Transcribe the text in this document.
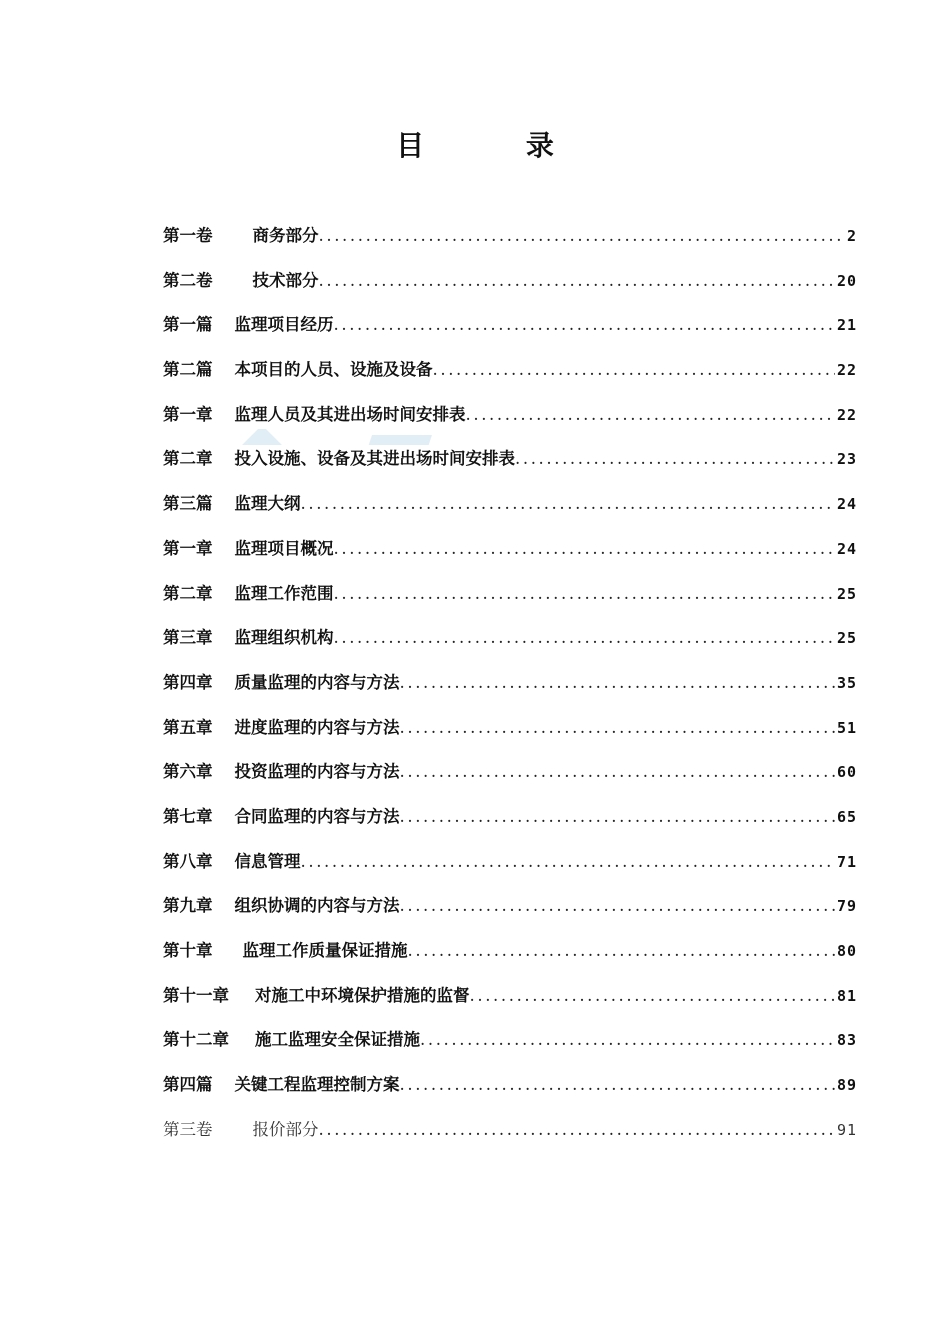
目 录
第一卷 商务部分 .....	2
第二卷 技术部分 .....	20
第一篇 监理项目经历 .....	21
第二篇 本项目的人员、设施及设备 .....	22
第一章 监理人员及其进出场时间安排表 .....	22
第二章 投入设施、设备及其进出场时间安排表 .....	23
第三篇 监理大纲 .....	24
第一章 监理项目概况 .....	24
第二章 监理工作范围 .....	25
第三章 监理组织机构 .....	25
第四章 质量监理的内容与方法 .....	35
第五章 进度监理的内容与方法 .....	51
第六章 投资监理的内容与方法 .....	60
第七章 合同监理的内容与方法 .....	65
第八章 信息管理 .....	71
第九章 组织协调的内容与方法 .....	79
第十章 监理工作质量保证措施 .....	80
第十一章 对施工中环境保护措施的监督 .....	81
第十二章 施工监理安全保证措施 .....	83
第四篇 关键工程监理控制方案 .....	89
第三卷 报价部分 .....	91
